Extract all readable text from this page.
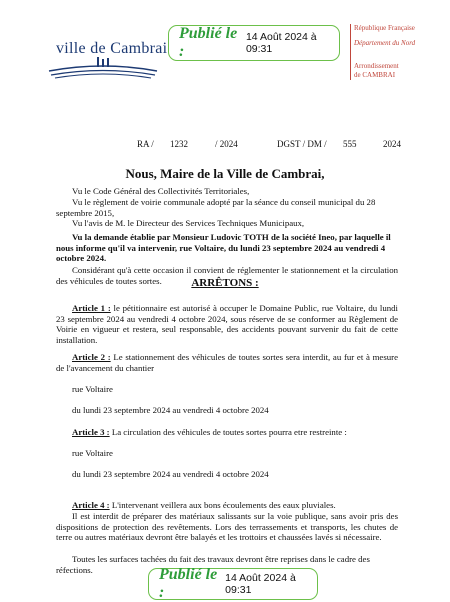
ville de Cambrai
Publié le :
14 Août 2024 à 09:31
République Française
Département du Nord
Arrondissement
de CAMBRAI
RA / 1232	/ 2024	DGST / DM / 555	2024
Nous, Maire de la Ville de Cambrai,
Vu le Code Général des Collectivités Territoriales,
Vu le règlement de voirie communale adopté par la séance du conseil municipal du 28 septembre 2015,
Vu l'avis de M. le Directeur des Services Techniques Municipaux,
Vu la demande établie par Monsieur Ludovic TOTH de la société Ineo, par laquelle il nous informe qu'il va intervenir, rue Voltaire, du lundi 23 septembre 2024 au vendredi 4 octobre 2024.
Considérant qu'à cette occasion il convient de réglementer le stationnement et la circulation des véhicules de toutes sortes.	ARRÊTONS :
Article 1 : le pétitionnaire est autorisé à occuper le Domaine Public, rue Voltaire, du lundi 23 septembre 2024 au vendredi 4 octobre 2024, sous réserve de se conformer au Règlement de Voirie en vigueur et restera, seul responsable, des accidents pouvant survenir du fait de cette installation.
Article 2 : Le stationnement des véhicules de toutes sortes sera interdit, au fur et à mesure de l'avancement du chantier
rue Voltaire
du lundi 23 septembre 2024 au vendredi 4 octobre 2024
Article 3 : La circulation des véhicules de toutes sortes pourra etre restreinte :
rue Voltaire
du lundi 23 septembre 2024 au vendredi 4 octobre 2024
Article 4 : L'intervenant veillera aux bons écoulements des eaux pluviales.
Il est interdit de préparer des matériaux salissants sur la voie publique, sans avoir pris des dispositions de protection des revêtements. Lors des terrassements et transports, les chutes de terre ou autres matériaux devront être balayés et les trottoirs et chaussées lavés si nécessaire.
Toutes les surfaces tachées du fait des travaux devront être reprises dans le cadre des réfections.	Publié le :
14 Août 2024 à 09:31
